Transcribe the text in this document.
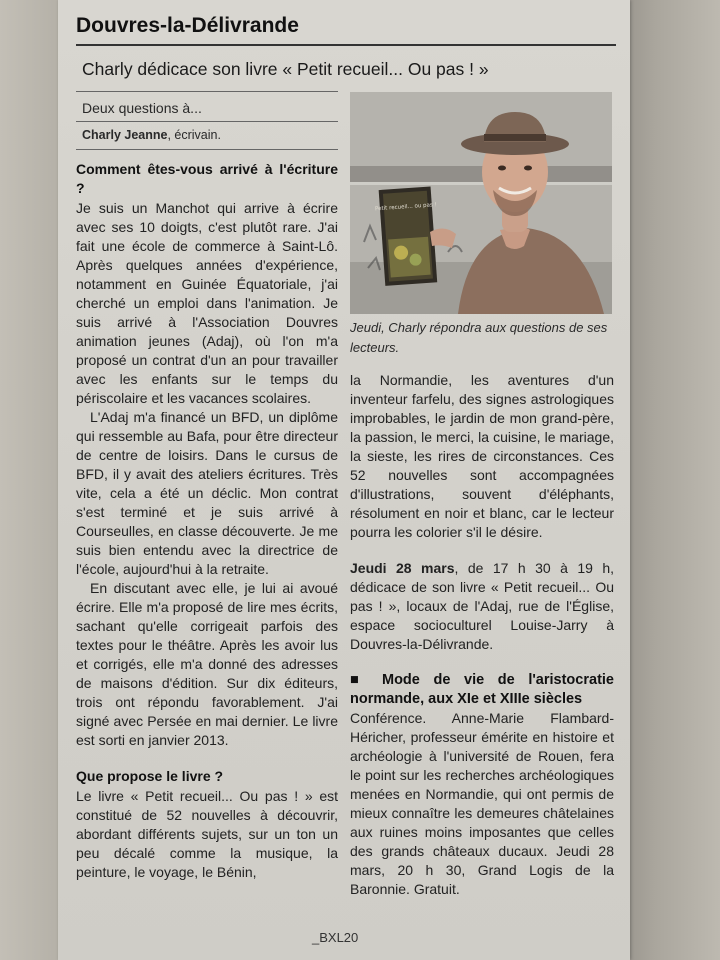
Douvres-la-Délivrande
Charly dédicace son livre « Petit recueil... Ou pas ! »
Deux questions à...
Charly Jeanne, écrivain.
Petit recueil... ou pas !
Jeudi, Charly répondra aux questions de ses lecteurs.
Comment êtes-vous arrivé à l'écriture ?

Je suis un Manchot qui arrive à écrire avec ses 10 doigts, c'est plutôt rare. J'ai fait une école de commerce à Saint-Lô. Après quelques années d'expérience, notamment en Guinée Équatoriale, j'ai cherché un emploi dans l'animation. Je suis arrivé à l'Association Douvres animation jeunes (Adaj), où l'on m'a proposé un contrat d'un an pour travailler avec les enfants sur le temps du périscolaire et les vacances scolaires.

L'Adaj m'a financé un BFD, un diplôme qui ressemble au Bafa, pour être directeur de centre de loisirs. Dans le cursus de BFD, il y avait des ateliers écritures. Très vite, cela a été un déclic. Mon contrat s'est terminé et je suis arrivé à Courseulles, en classe découverte. Je me suis bien entendu avec la directrice de l'école, aujourd'hui à la retraite.

En discutant avec elle, je lui ai avoué écrire. Elle m'a proposé de lire mes écrits, sachant qu'elle corrigeait parfois des textes pour le théâtre. Après les avoir lus et corrigés, elle m'a donné des adresses de maisons d'édition. Sur dix éditeurs, trois ont répondu favorablement. J'ai signé avec Persée en mai dernier. Le livre est sorti en janvier 2013.

Que propose le livre ?

Le livre « Petit recueil... Ou pas ! » est constitué de 52 nouvelles à découvrir, abordant différents sujets, sur un ton un peu décalé comme la musique, la peinture, le voyage, le Bénin,

la Normandie, les aventures d'un inventeur farfelu, des signes astrologiques improbables, le jardin de mon grand-père, la passion, le merci, la cuisine, le mariage, la sieste, les rires de circonstances. Ces 52 nouvelles sont accompagnées d'illustrations, souvent d'éléphants, résolument en noir et blanc, car le lecteur pourra les colorier s'il le désire.

Jeudi 28 mars, de 17 h 30 à 19 h, dédicace de son livre « Petit recueil... Ou pas ! », locaux de l'Adaj, rue de l'Église, espace socioculturel Louise-Jarry à Douvres-la-Délivrande.

■ Mode de vie de l'aristocratie normande, aux XIe et XIIIe siècles

Conférence. Anne-Marie Flambard-Héricher, professeur émérite en histoire et archéologie à l'université de Rouen, fera le point sur les recherches archéologiques menées en Normandie, qui ont permis de mieux connaître les demeures châtelaines aux ruines moins imposantes que celles des grands châteaux ducaux. Jeudi 28 mars, 20 h 30, Grand Logis de la Baronnie. Gratuit.

_BXL20
